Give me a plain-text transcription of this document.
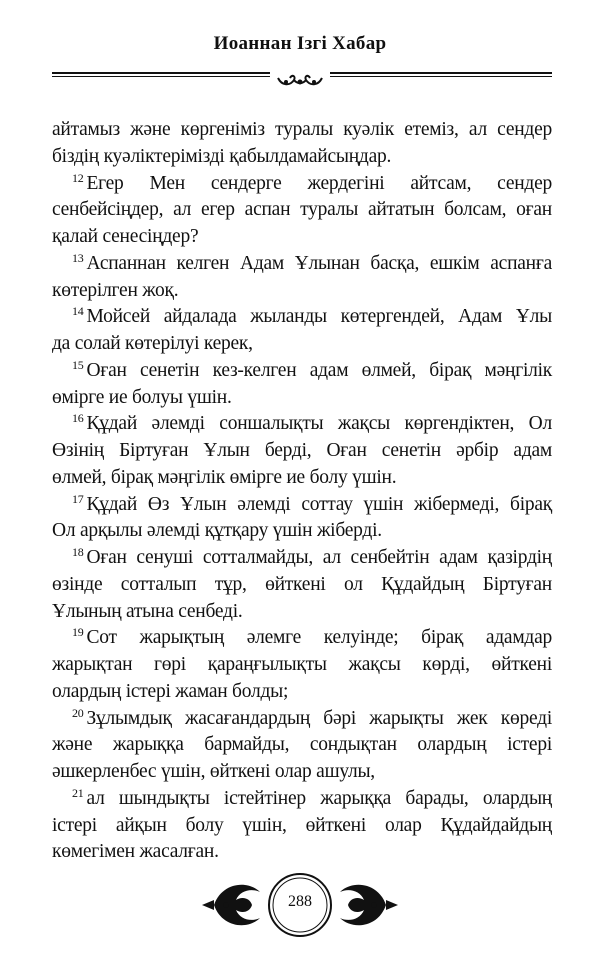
Иоаннан Ізгі Хабар
айтамыз және көргеніміз туралы куәлік етеміз, ал сендер
біздің куәліктерімізді қабылдамайсыңдар.
$^{12}$ Егер Мен сендерге жердегіні айтсам, сендер
сенбейсіңдер, ал егер аспан туралы айтатын болсам, оған
қалай сенесіңдер?
$^{13}$ Аспаннан келген Адам Ұлынан басқа, ешкім аспанға
көтерілген жоқ.
$^{14}$ Мойсей айдалада жыланды көтергендей, Адам Ұлы
да солай көтерілуі керек,
$^{15}$ Оған сенетін кез-келген адам өлмей, бірақ мәңгілік
өмірге ие болуы үшін.
$^{16}$ Құдай әлемді соншалықты жақсы көргендіктен, Ол
Өзінің Біртуған Ұлын берді, Оған сенетін әрбір адам
өлмей, бірақ мәңгілік өмірге ие болу үшін.
$^{17}$ Құдай Өз Ұлын әлемді соттау үшін жібермеді, бірақ
Ол арқылы әлемді құтқару үшін жіберді.
$^{18}$ Оған сенуші сотталмайды, ал сенбейтін адам қазірдің
өзінде сотталып тұр, өйткені ол Құдайдың Біртуған
Ұлының атына сенбеді.
$^{19}$ Сот жарықтың әлемге келуінде; бірақ адамдар
жарықтан гөрі қараңғылықты жақсы көрді, өйткені
олардың істері жаман болды;
$^{20}$ Зұлымдық жасағандардың бәрі жарықты жек көреді
және жарыққа бармайды, сондықтан олардың істері
әшкерленбес үшін, өйткені олар ашулы,
$^{21}$ ал шындықты істейтінер жарыққа барады, олардың
істері айқын болу үшін, өйткені олар Құдайдайдың
көмегімен жасалған.
288
